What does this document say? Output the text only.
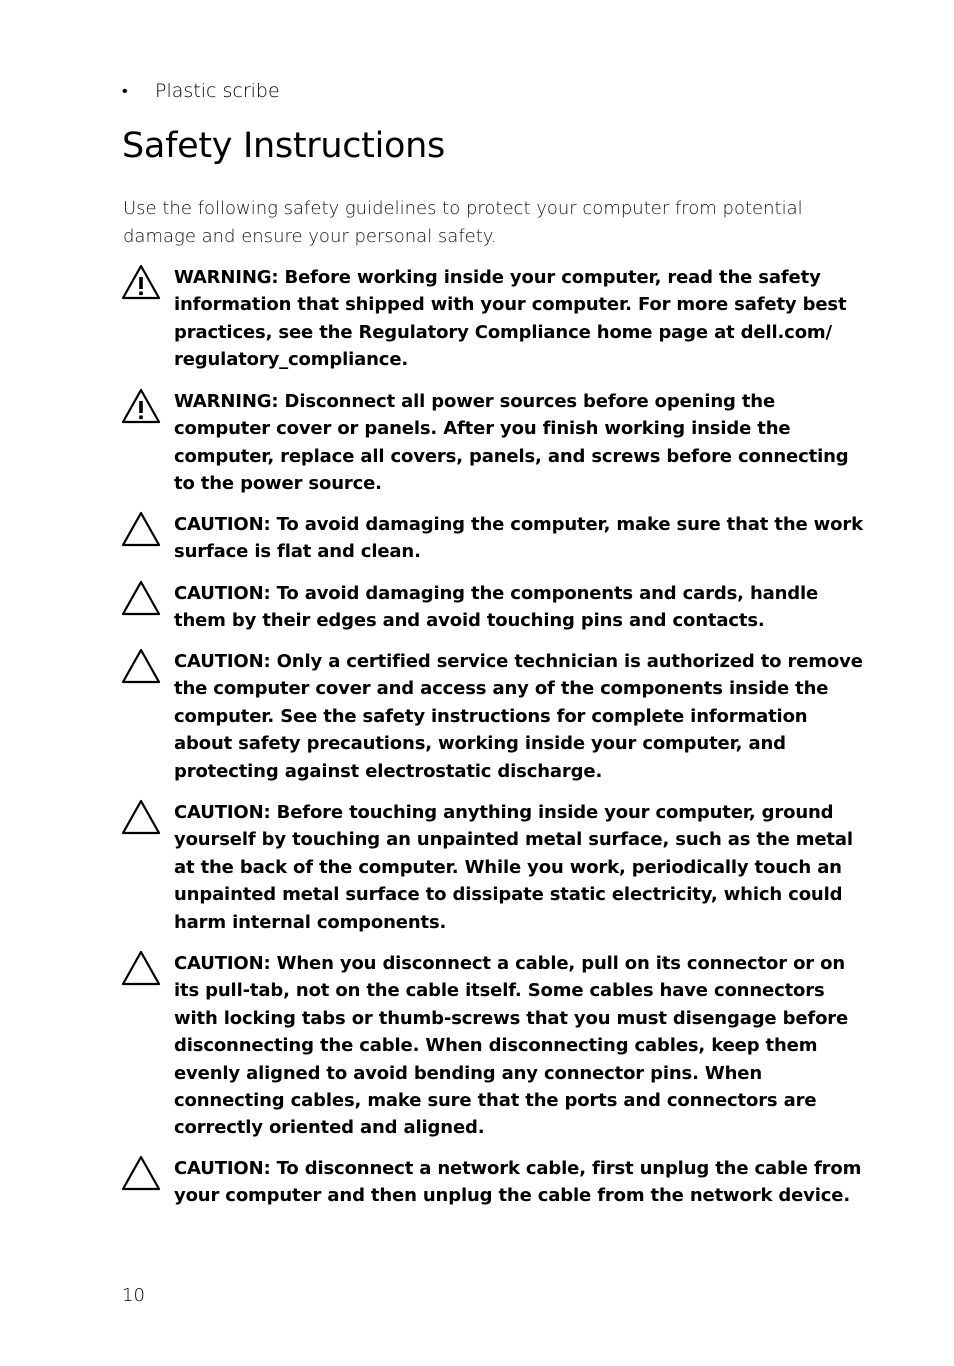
• Plastic scribe
Safety Instructions

Use the following safety guidelines to protect your computer from potential damage and ensure your personal safety.

WARNING: Before working inside your computer, read the safety information that shipped with your computer. For more safety best practices, see the Regulatory Compliance home page at dell.com/ regulatory_compliance.

WARNING: Disconnect all power sources before opening the computer cover or panels. After you finish working inside the computer, replace all covers, panels, and screws before connecting to the power source.

CAUTION: To avoid damaging the computer, make sure that the work surface is flat and clean.

CAUTION: To avoid damaging the components and cards, handle them by their edges and avoid touching pins and contacts.

CAUTION: Only a certified service technician is authorized to remove the computer cover and access any of the components inside the computer. See the safety instructions for complete information about safety precautions, working inside your computer, and protecting against electrostatic discharge.

CAUTION: Before touching anything inside your computer, ground yourself by touching an unpainted metal surface, such as the metal at the back of the computer. While you work, periodically touch an unpainted metal surface to dissipate static electricity, which could harm internal components.

CAUTION: When you disconnect a cable, pull on its connector or on its pull-tab, not on the cable itself. Some cables have connectors with locking tabs or thumb-screws that you must disengage before disconnecting the cable. When disconnecting cables, keep them evenly aligned to avoid bending any connector pins. When connecting cables, make sure that the ports and connectors are correctly oriented and aligned.

CAUTION: To disconnect a network cable, first unplug the cable from your computer and then unplug the cable from the network device.

10
